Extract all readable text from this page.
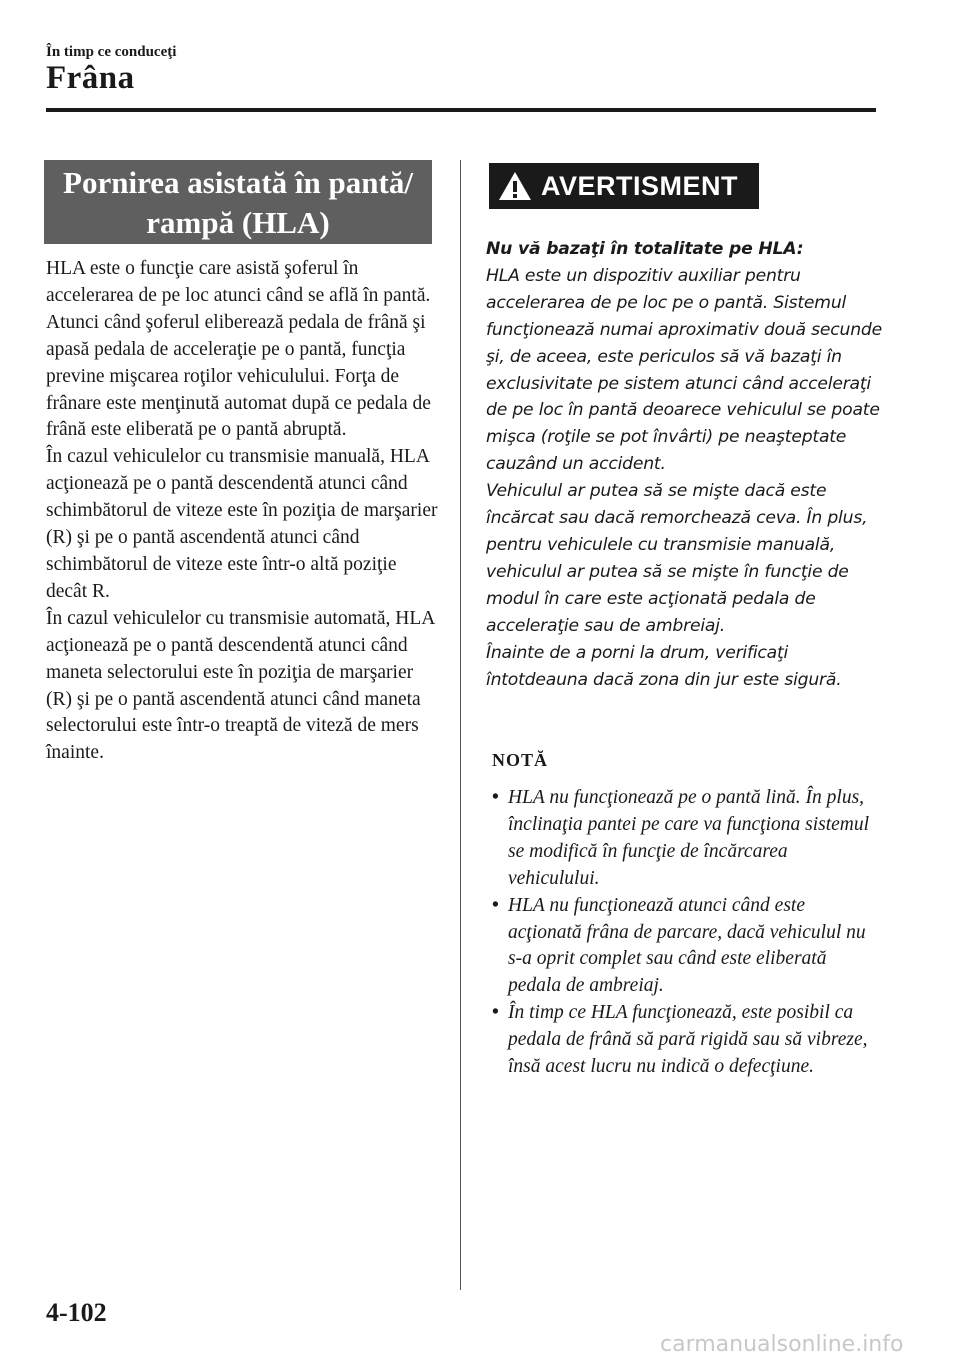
În timp ce conduceţi
Frâna
Pornirea asistată în pantă/
rampă (HLA)

HLA este o funcţie care asistă şoferul în accelerarea de pe loc atunci când se află în pantă. Atunci când şoferul eliberează pedala de frână şi apasă pedala de acceleraţie pe o pantă, funcţia previne mişcarea roţilor vehiculului. Forţa de frânare este menţinută automat după ce pedala de frână este eliberată pe o pantă abruptă.

În cazul vehiculelor cu transmisie manuală, HLA acţionează pe o pantă descendentă atunci când schimbătorul de viteze este în poziţia de marşarier (R) şi pe o pantă ascendentă atunci când schimbătorul de viteze este într-o altă poziţie decât R.

În cazul vehiculelor cu transmisie automată, HLA acţionează pe o pantă descendentă atunci când maneta selectorului este în poziţia de marşarier (R) şi pe o pantă ascendentă atunci când maneta selectorului este într-o treaptă de viteză de mers înainte.

AVERTISMENT

Nu vă bazaţi în totalitate pe HLA:

HLA este un dispozitiv auxiliar pentru accelerarea de pe loc pe o pantă. Sistemul funcţionează numai aproximativ două secunde şi, de aceea, este periculos să vă bazaţi în exclusivitate pe sistem atunci când acceleraţi de pe loc în pantă deoarece vehiculul se poate mişca (roţile se pot învârti) pe neaşteptate cauzând un accident.

Vehiculul ar putea să se mişte dacă este încărcat sau dacă remorchează ceva. În plus, pentru vehiculele cu transmisie manuală, vehiculul ar putea să se mişte în funcţie de modul în care este acţionată pedala de acceleraţie sau de ambreiaj.

Înainte de a porni la drum, verificaţi întotdeauna dacă zona din jur este sigură.

NOTĂ
• HLA nu funcţionează pe o pantă lină. În plus, înclinaţia pantei pe care va funcţiona sistemul se modifică în funcţie de încărcarea vehiculului.
• HLA nu funcţionează atunci când este acţionată frâna de parcare, dacă vehiculul nu s-a oprit complet sau când este eliberată pedala de ambreiaj.
• În timp ce HLA funcţionează, este posibil ca pedala de frână să pară rigidă sau să vibreze, însă acest lucru nu indică o defecţiune.
4-102
carmanualsonline.info
